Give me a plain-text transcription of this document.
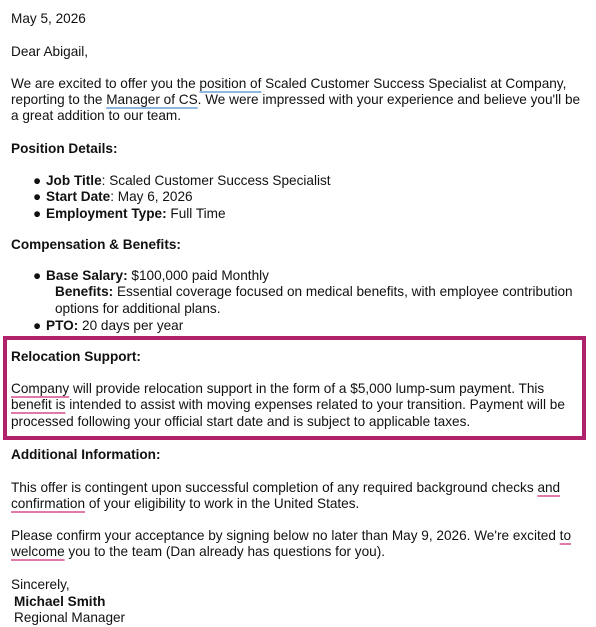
May 5, 2026
Dear Abigail,
We are excited to offer you the position of Scaled Customer Success Specialist at Company,
reporting to the Manager of CS. We were impressed with your experience and believe you'll be
a great addition to our team.
Position Details:
● Job Title: Scaled Customer Success Specialist
● Start Date: May 6, 2026
● Employment Type: Full Time
Compensation & Benefits:
● Base Salary: $100,000 paid Monthly
Benefits: Essential coverage focused on medical benefits, with employee contribution
options for additional plans.
● PTO: 20 days per year
Relocation Support:
Company will provide relocation support in the form of a $5,000 lump-sum payment. This
benefit is intended to assist with moving expenses related to your transition. Payment will be
processed following your official start date and is subject to applicable taxes.
Additional Information:
This offer is contingent upon successful completion of any required background checks and
confirmation of your eligibility to work in the United States.
Please confirm your acceptance by signing below no later than May 9, 2026. We're excited to
welcome you to the team (Dan already has questions for you).
Sincerely,
Michael Smith
Regional Manager
